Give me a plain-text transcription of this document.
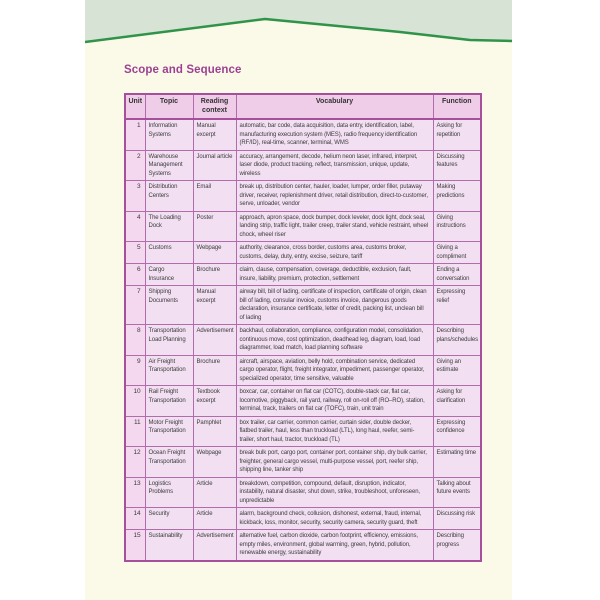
Scope and Sequence
Unit	Topic	Reading context	Vocabulary	Function
1	Information Systems	Manual excerpt	automatic, bar code, data acquisition, data entry, identification, label, manufacturing execution system (MES), radio frequency identification (RF/ID), real-time, scanner, terminal, WMS	Asking for repetition
2	Warehouse Management Systems	Journal article	accuracy, arrangement, decode, helium neon laser, infrared, interpret, laser diode, product tracking, reflect, transmission, unique, update, wireless	Discussing features
3	Distribution Centers	Email	break up, distribution center, hauler, loader, lumper, order filler, putaway driver, receiver, replenishment driver, retail distribution, direct-to-customer, serve, unloader, vendor	Making predictions
4	The Loading Dock	Poster	approach, apron space, dock bumper, dock leveler, dock light, dock seal, landing strip, traffic light, trailer creep, trailer stand, vehicle restraint, wheel chock, wheel riser	Giving instructions
5	Customs	Webpage	authority, clearance, cross border, customs area, customs broker, customs, delay, duty, entry, excise, seizure, tariff	Giving a compliment
6	Cargo Insurance	Brochure	claim, clause, compensation, coverage, deductible, exclusion, fault, insure, liability, premium, protection, settlement	Ending a conversation
7	Shipping Documents	Manual excerpt	airway bill, bill of lading, certificate of inspection, certificate of origin, clean bill of lading, consular invoice, customs invoice, dangerous goods declaration, insurance certificate, letter of credit, packing list, unclean bill of lading	Expressing relief
8	Transportation Load Planning	Advertisement	backhaul, collaboration, compliance, configuration model, consolidation, continuous move, cost optimization, deadhead leg, diagram, load, load diagrammer, load match, load planning software	Describing plans/schedules
9	Air Freight Transportation	Brochure	aircraft, airspace, aviation, belly hold, combination service, dedicated cargo operator, flight, freight integrator, impediment, passenger operator, specialized operator, time sensitive, valuable	Giving an estimate
10	Rail Freight Transportation	Textbook excerpt	boxcar, car, container on flat car (COTC), double-stack car, flat car, locomotive, piggyback, rail yard, railway, roll on-roll off (RO–RO), station, terminal, track, trailers on flat car (TOFC), train, unit train	Asking for clarification
11	Motor Freight Transportation	Pamphlet	box trailer, car carrier, common carrier, curtain sider, double decker, flatbed trailer, haul, less than truckload (LTL), long haul, reefer, semi-trailer, short haul, tractor, truckload (TL)	Expressing confidence
12	Ocean Freight Transportation	Webpage	break bulk port, cargo port, container port, container ship, dry bulk carrier, freighter, general cargo vessel, multi-purpose vessel, port, reefer ship, shipping line, tanker ship	Estimating time
13	Logistics Problems	Article	breakdown, competition, compound, default, disruption, indicator, instability, natural disaster, shut down, strike, troubleshoot, unforeseen, unpredictable	Talking about future events
14	Security	Article	alarm, background check, collusion, dishonest, external, fraud, internal, kickback, loss, monitor, security, security camera, security guard, theft	Discussing risk
15	Sustainability	Advertisement	alternative fuel, carbon dioxide, carbon footprint, efficiency, emissions, empty miles, environment, global warming, green, hybrid, pollution, renewable energy, sustainability	Describing progress
